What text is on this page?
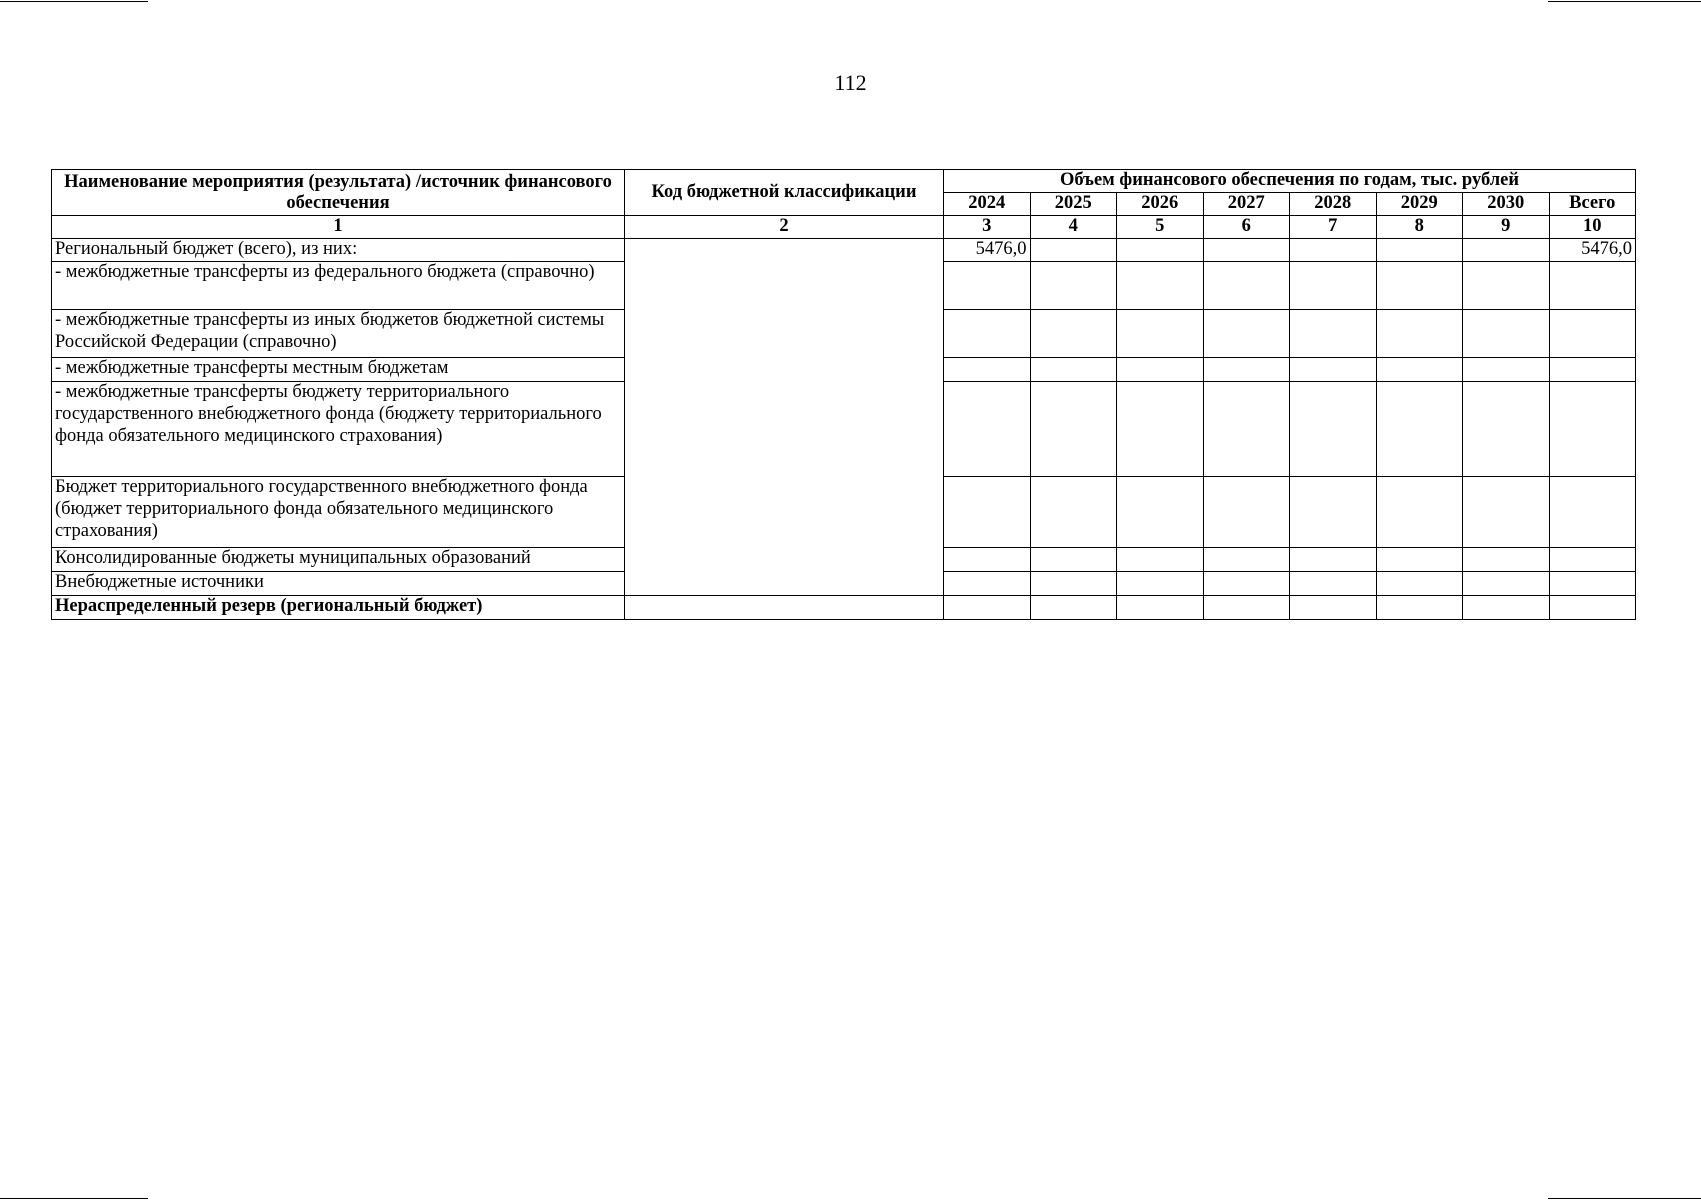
112
Наименование мероприятия (результата) /источник финансового обеспечения	Код бюджетной классификации	Объем финансового обеспечения по годам, тыс. рублей							
		2024	2025	2026	2027	2028	2029	2030	Всего
1	2	3	4	5	6	7	8	9	10
Региональный бюджет (всего), из них:		5476,0							5476,0
- межбюджетные трансферты из федерального бюджета (справочно)									
- межбюджетные трансферты из иных бюджетов бюджетной системы Российской Федерации (справочно)									
- межбюджетные трансферты местным бюджетам									
- межбюджетные трансферты бюджету территориального государственного внебюджетного фонда (бюджету территориального фонда обязательного медицинского страхования)									
Бюджет территориального государственного внебюджетного фонда (бюджет территориального фонда обязательного медицинского страхования)									
Консолидированные бюджеты муниципальных образований									
Внебюджетные источники									
Нераспределенный резерв (региональный бюджет)									
